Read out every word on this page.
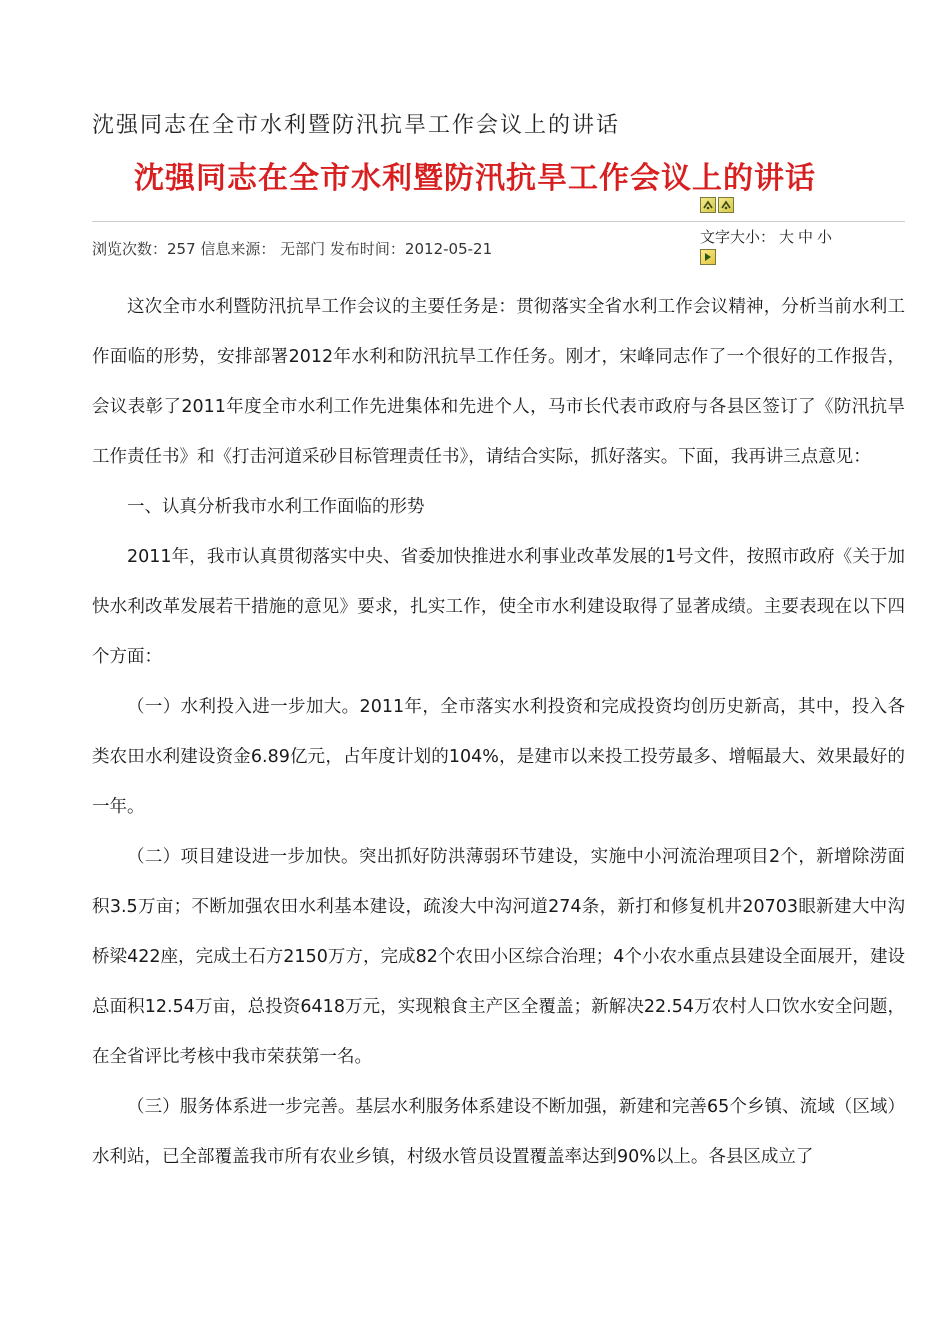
沈强同志在全市水利暨防汛抗旱工作会议上的讲话
沈强同志在全市水利暨防汛抗旱工作会议上的讲话
浏览次数：257 信息来源： 无部门 发布时间：2012-05-21
文字大小： 大 中 小

这次全市水利暨防汛抗旱工作会议的主要任务是：贯彻落实全省水利工作会议精神，分析当前水利工作面临的形势，安排部署2012年水利和防汛抗旱工作任务。刚才，宋峰同志作了一个很好的工作报告，会议表彰了2011年度全市水利工作先进集体和先进个人，马市长代表市政府与各县区签订了《防汛抗旱工作责任书》和《打击河道采砂目标管理责任书》，请结合实际，抓好落实。下面，我再讲三点意见：

一、认真分析我市水利工作面临的形势

2011年，我市认真贯彻落实中央、省委加快推进水利事业改革发展的1号文件，按照市政府《关于加快水利改革发展若干措施的意见》要求，扎实工作，使全市水利建设取得了显著成绩。主要表现在以下四个方面：

（一）水利投入进一步加大。2011年，全市落实水利投资和完成投资均创历史新高，其中，投入各类农田水利建设资金6.89亿元，占年度计划的104%，是建市以来投工投劳最多、增幅最大、效果最好的一年。

（二）项目建设进一步加快。突出抓好防洪薄弱环节建设，实施中小河流治理项目2个，新增除涝面积3.5万亩；不断加强农田水利基本建设，疏浚大中沟河道274条，新打和修复机井20703眼新建大中沟桥梁422座，完成土石方2150万方，完成82个农田小区综合治理；4个小农水重点县建设全面展开，建设总面积12.54万亩，总投资6418万元，实现粮食主产区全覆盖；新解决22.54万农村人口饮水安全问题，在全省评比考核中我市荣获第一名。

（三）服务体系进一步完善。基层水利服务体系建设不断加强，新建和完善65个乡镇、流域（区域）水利站，已全部覆盖我市所有农业乡镇，村级水管员设置覆盖率达到90%以上。各县区成立了
